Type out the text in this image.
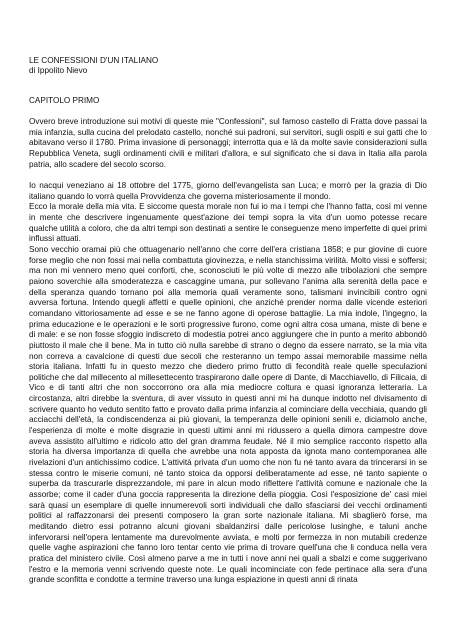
LE CONFESSIONI D'UN ITALIANO
di Ippolito Nievo
CAPITOLO PRIMO

Ovvero breve introduzione sui motivi di queste mie "Confessioni", sul famoso castello di Fratta dove passai la mia infanzia, sulla cucina del prelodato castello, nonché sui padroni, sui servitori, sugli ospiti e sui gatti che lo abitavano verso il 1780. Prima invasione di personaggi; interrotta qua e là da molte savie considerazioni sulla Repubblica Veneta, sugli ordinamenti civili e militari d'allora, e sul significato che si dava in Italia alla parola patria, allo scadere del secolo scorso.

Io nacqui veneziano ai 18 ottobre del 1775, giorno dell'evangelista san Luca; e morrò per la grazia di Dio italiano quando lo vorrà quella Provvidenza che governa misteriosamente il mondo.

Ecco la morale della mia vita. E siccome questa morale non fui io ma i tempi che l'hanno fatta, così mi venne in mente che descrivere ingenuamente quest'azione dei tempi sopra la vita d'un uomo potesse recare qualche utilità a coloro, che da altri tempi son destinati a sentire le conseguenze meno imperfette di quei primi influssi attuati.

Sono vecchio oramai più che ottuagenario nell'anno che corre dell'era cristiana 1858; e pur giovine di cuore forse meglio che non fossi mai nella combattuta giovinezza, e nella stanchissima virilità. Molto vissi e soffersi; ma non mi vennero meno quei conforti, che, sconosciuti le più volte di mezzo alle tribolazioni che sempre paiono soverchie alla smoderatezza e cascaggine umana, pur sollevano l'anima alla serenità della pace e della speranza quando tornano poi alla memoria quali veramente sono, talismani invincibili contro ogni avversa fortuna. Intendo quegli affetti e quelle opinioni, che anziché prender norma dalle vicende esteriori comandano vittoriosamente ad esse e se ne fanno agone di operose battaglie. La mia indole, l'ingegno, la prima educazione e le operazioni e le sorti progressive furono, come ogni altra cosa umana, miste di bene e di male: e se non fosse sfoggio indiscreto di modestia potrei anco aggiungere che in punto a merito abbondò piuttosto il male che il bene. Ma in tutto ciò nulla sarebbe di strano o degno da essere narrato, se la mia vita non correva a cavalcione di questi due secoli che resteranno un tempo assai memorabile massime nella storia italiana. Infatti fu in questo mezzo che diedero primo frutto di fecondità reale quelle speculazioni politiche che dal millecento al millesettecento traspirarono dalle opere di Dante, di Macchiavello, di Filicaia, di Vico e di tanti altri che non soccorrono ora alla mia mediocre coltura e quasi ignoranza letteraria. La circostanza, altri direbbe la sventura, di aver vissuto in questi anni mi ha dunque indotto nel divisamento di scrivere quanto ho veduto sentito fatto e provato dalla prima infanzia al cominciare della vecchiaia, quando gli acciacchi dell'età, la condiscendenza ai più giovani, la temperanza delle opinioni senili e, diciamolo anche, l'esperienza di molte e molte disgrazie in questi ultimi anni mi ridussero a quella dimora campestre dove aveva assistito all'ultimo e ridicolo atto del gran dramma feudale. Né il mio semplice racconto rispetto alla storia ha diversa importanza di quella che avrebbe una nota apposta da ignota mano contemporanea alle rivelazioni d'un antichissimo codice. L'attività privata d'un uomo che non fu né tanto avara da trincerarsi in se stessa contro le miserie comuni, né tanto stoica da opporsi deliberatamente ad esse, né tanto sapiente o superba da trascurarle disprezzandole, mi pare in alcun modo riflettere l'attività comune e nazionale che la assorbe; come il cader d'una goccia rappresenta la direzione della pioggia. Così l'esposizione de' casi miei sarà quasi un esemplare di quelle innumerevoli sorti individuali che dallo sfasciarsi dei vecchi ordinamenti politici al raffazzonarsi dei presenti composero la gran sorte nazionale italiana. Mi sbaglierò forse, ma meditando dietro essi potranno alcuni giovani sbaldanzirsi dalle pericolose lusinghe, e taluni anche infervorarsi nell'opera lentamente ma durevolmente avviata, e molti por fermezza in non mutabili credenze quelle vaghe aspirazioni che fanno loro tentar cento vie prima di trovare quell'una che li conduca nella vera pratica del ministero civile. Così almeno parve a me in tutti i nove anni nei quali a sbalzi e come suggerivano l'estro e la memoria venni scrivendo queste note. Le quali incominciate con fede pertinace alla sera d'una grande sconfitta e condotte a termine traverso una lunga espiazione in questi anni di rinata
